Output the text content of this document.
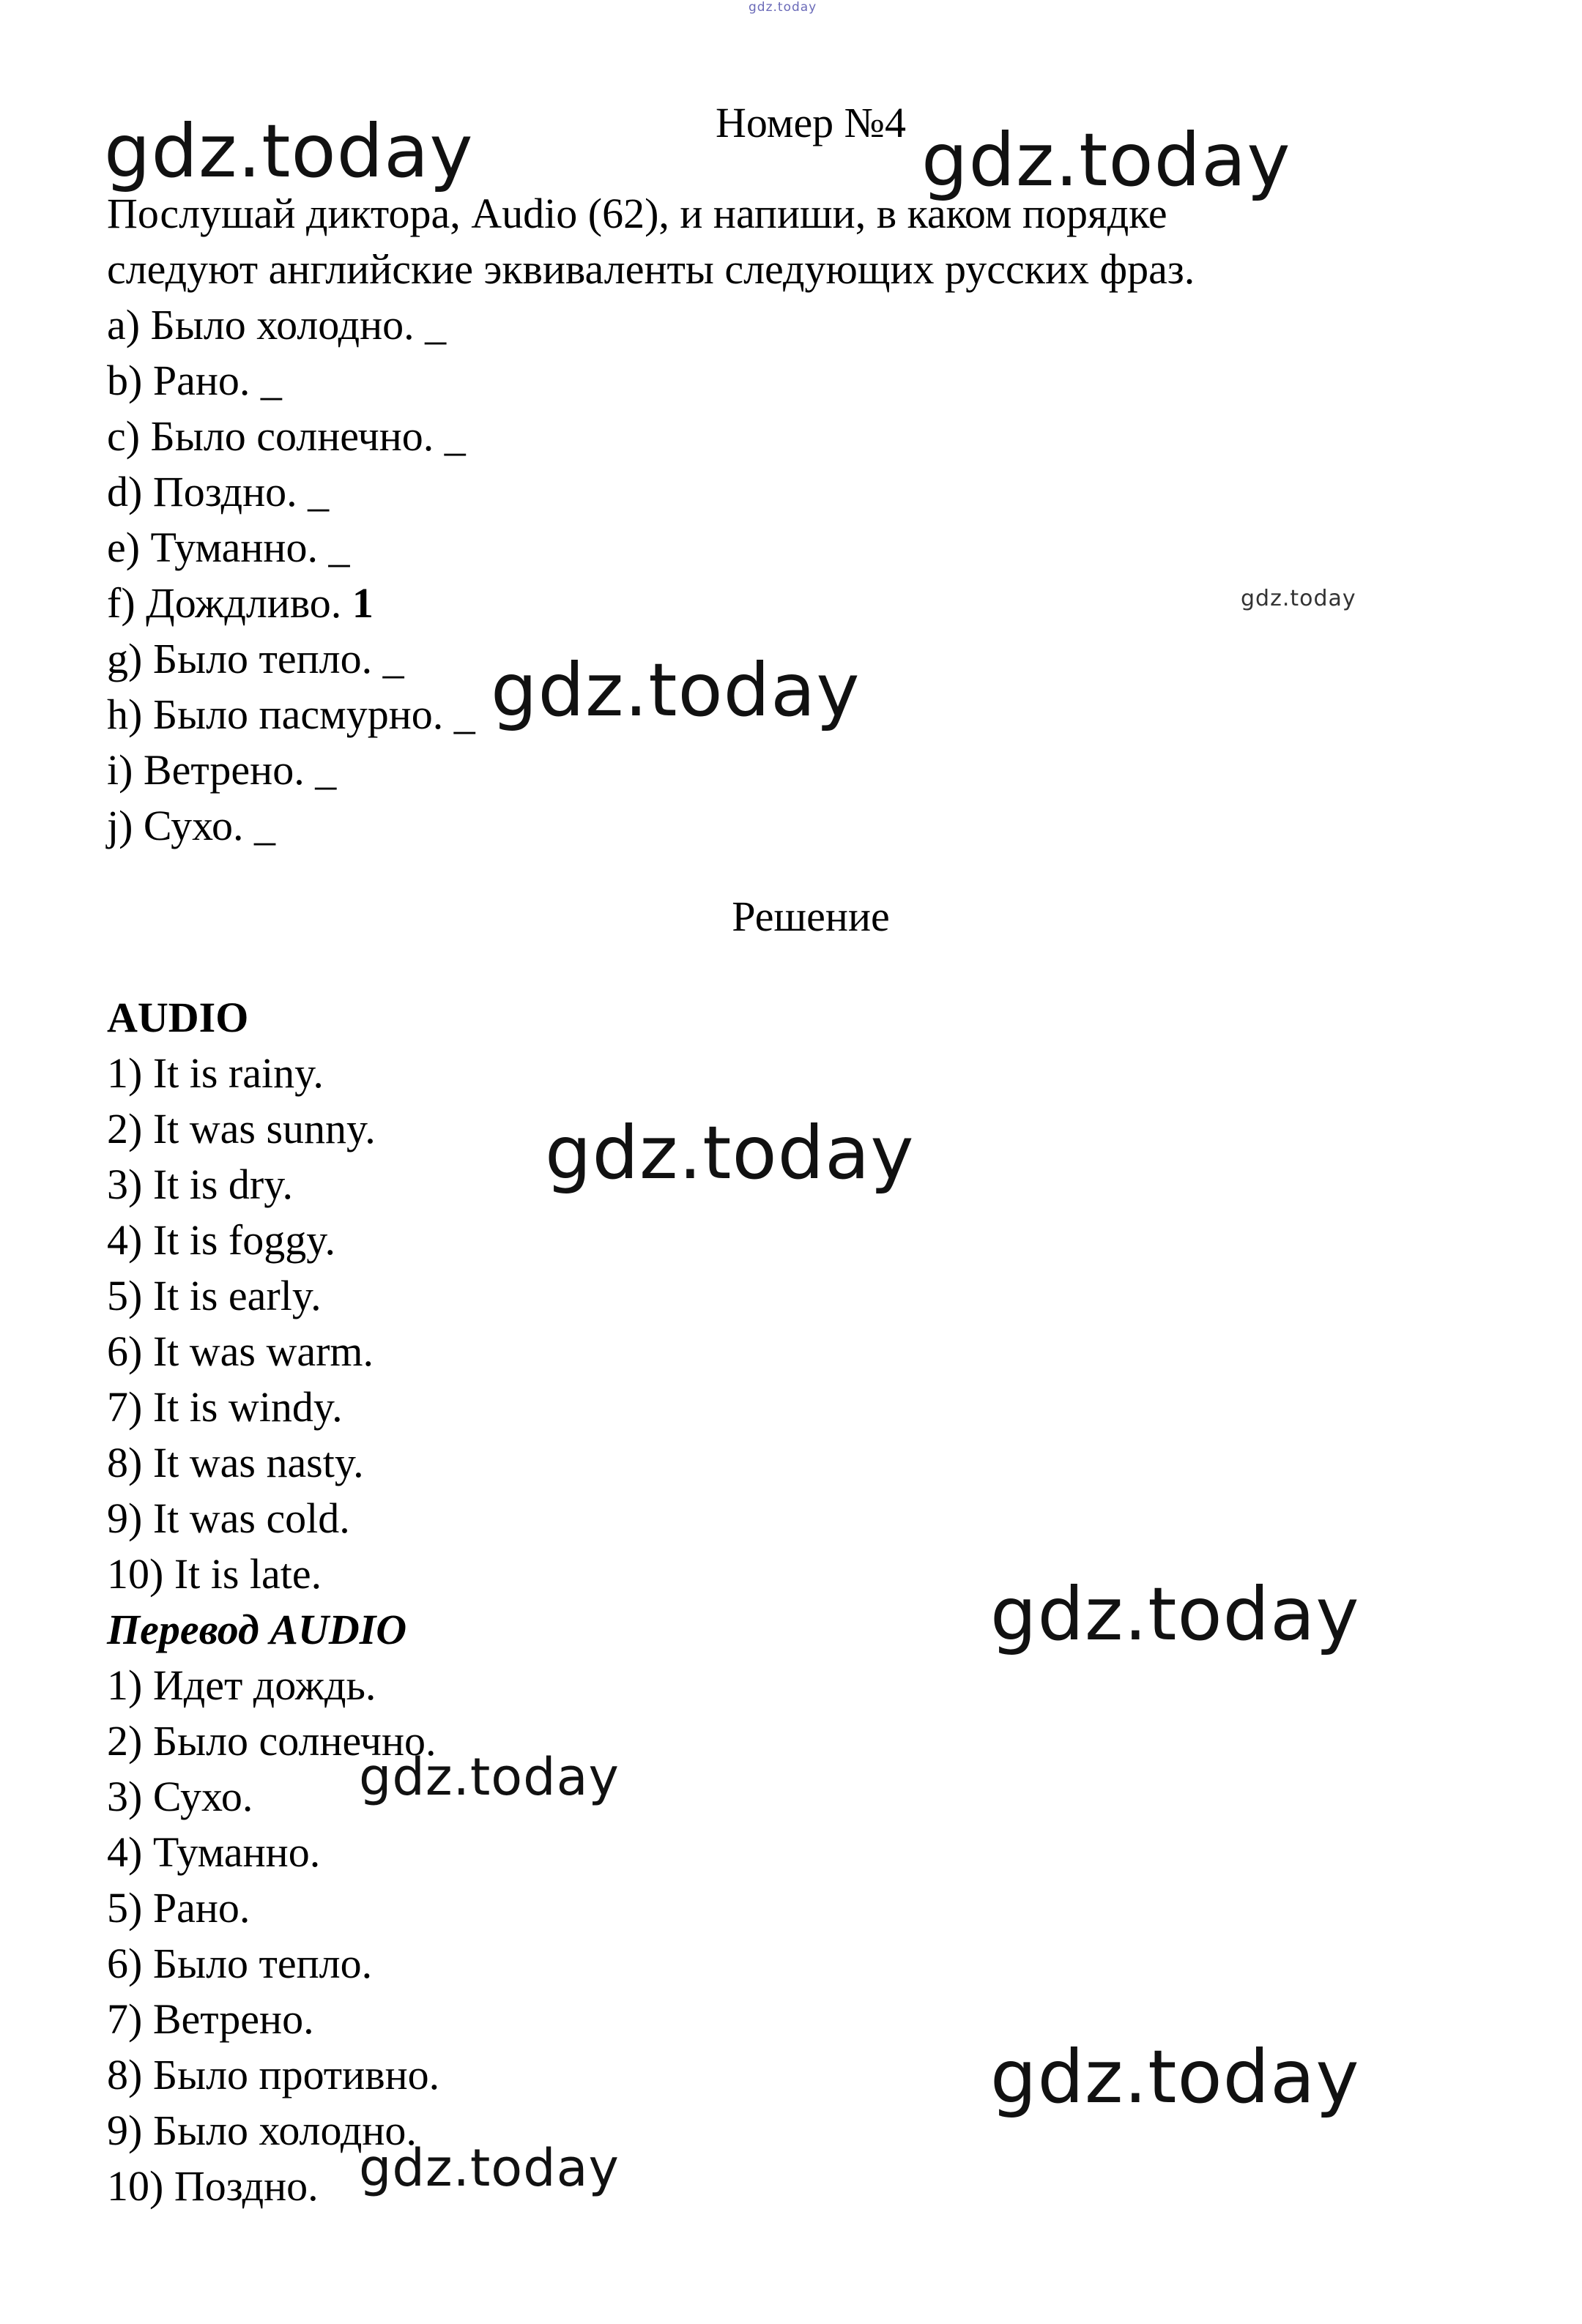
gdz.today
Номер №4
Послушай диктора, Audio (62), и напиши, в каком порядке
следуют английские эквиваленты следующих русских фраз.
a) Было холодно. _
b) Рано. _
c) Было солнечно. _
d) Поздно. _
e) Туманно. _
f) Дождливо. 1
g) Было тепло. _
h) Было пасмурно. _
i) Ветрено. _
j) Сухо. _
Решение
AUDIO
1) It is rainy.
2) It was sunny.
3) It is dry.
4) It is foggy.
5) It is early.
6) It was warm.
7) It is windy.
8) It was nasty.
9) It was cold.
10) It is late.
Перевод AUDIO
1) Идет дождь.
2) Было солнечно.
3) Сухо.
4) Туманно.
5) Рано.
6) Было тепло.
7) Ветрено.
8) Было противно.
9) Было холодно.
10) Поздно.
gdz.today	gdz.today
gdz.today
gdz.today
gdz.today
gdz.today
gdz.today
gdz.today
gdz.today
